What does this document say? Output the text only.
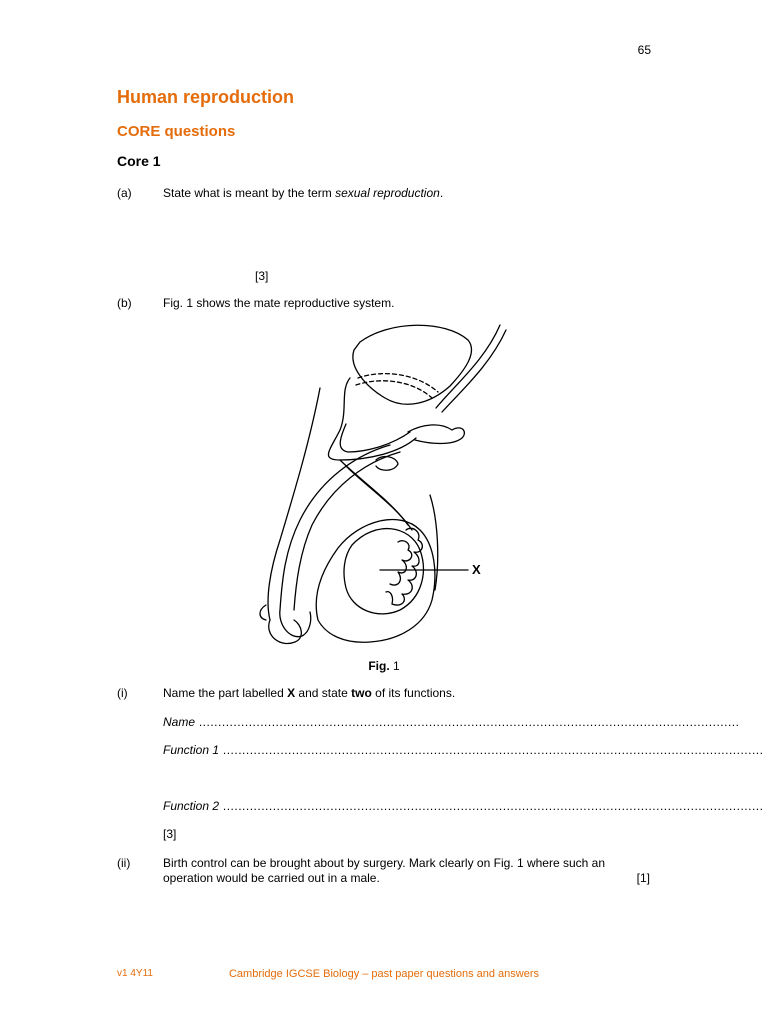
65
Human reproduction
CORE questions
Core 1
(a)	State what is meant by the term sexual reproduction.
[3]
(b)	Fig. 1 shows the mate reproductive system.
X
Fig. 1
(i)	Name the part labelled X and state two of its functions.
Name .............................................................................................................................................
Function 1 .............................................................................................................................................
Function 2 .............................................................................................................................................
[3]
(ii)	Birth control can be brought about by surgery. Mark clearly on Fig. 1 where such an
operation would be carried out in a male.	[1]
v1 4Y11	Cambridge IGCSE Biology – past paper questions and answers
